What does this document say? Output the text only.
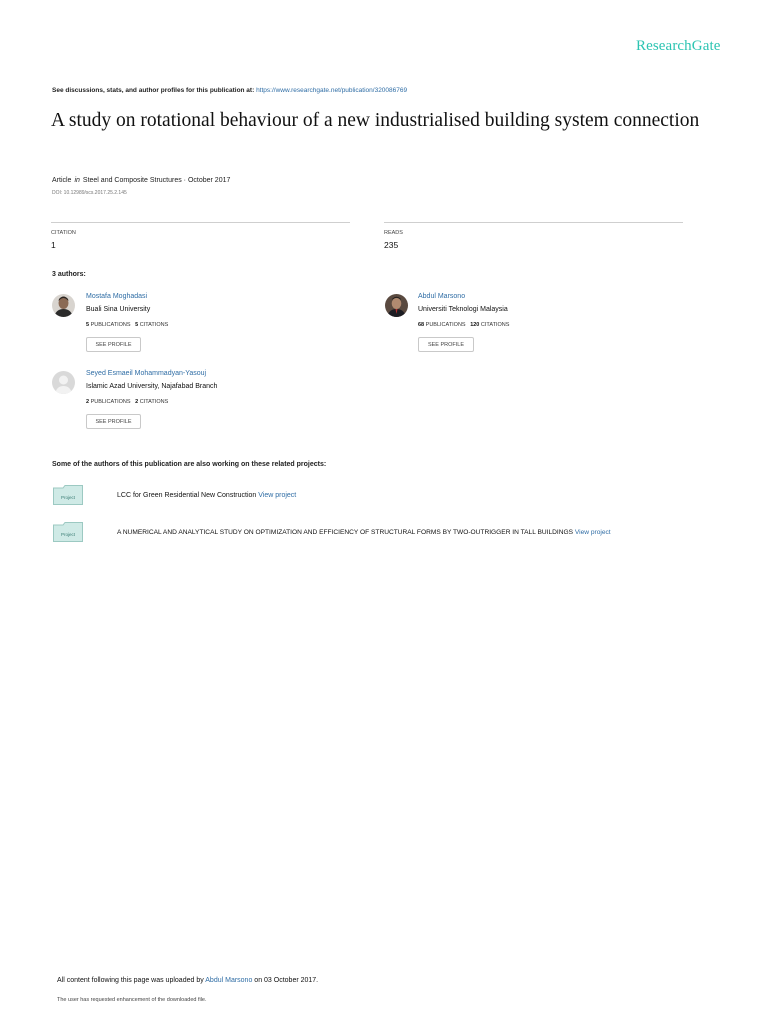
ResearchGate
See discussions, stats, and author profiles for this publication at: https://www.researchgate.net/publication/320086769
A study on rotational behaviour of a new industrialised building system connection
Article in Steel and Composite Structures · October 2017
DOI: 10.12989/scs.2017.25.2.145
CITATION
1
READS
235
3 authors:
Mostafa Moghadasi
Buali Sina University
5 PUBLICATIONS 5 CITATIONS
SEE PROFILE
Abdul Marsono
Universiti Teknologi Malaysia
68 PUBLICATIONS 120 CITATIONS
SEE PROFILE
Seyed Esmaeil Mohammadyan-Yasouj
Islamic Azad University, Najafabad Branch
2 PUBLICATIONS 2 CITATIONS
SEE PROFILE
Some of the authors of this publication are also working on these related projects:
Project	LCC for Green Residential New Construction View project
Project	A NUMERICAL AND ANALYTICAL STUDY ON OPTIMIZATION AND EFFICIENCY OF STRUCTURAL FORMS BY TWO-OUTRIGGER IN TALL BUILDINGS View project
All content following this page was uploaded by Abdul Marsono on 03 October 2017.
The user has requested enhancement of the downloaded file.
